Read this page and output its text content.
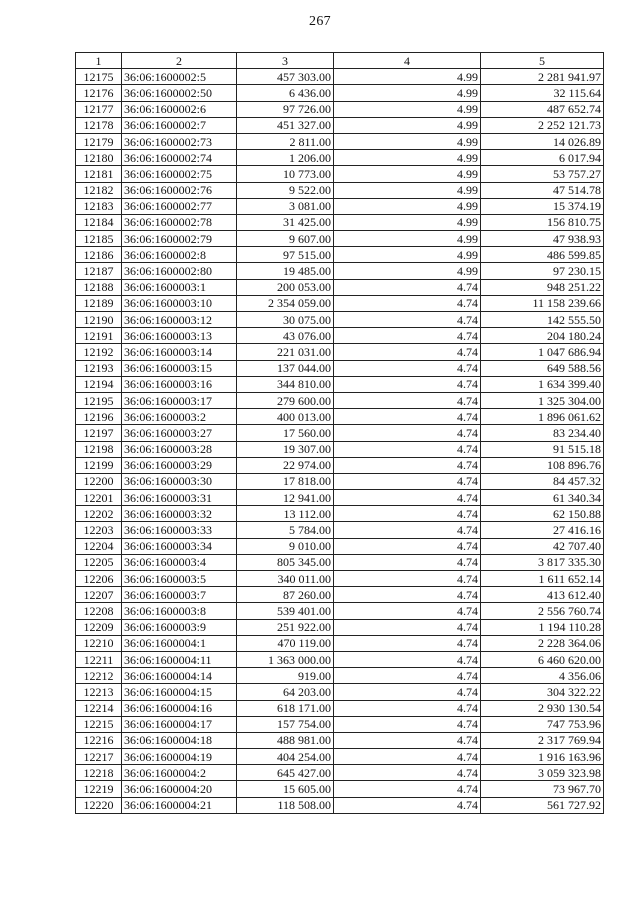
267
1	2	3	4	5
12175	36:06:1600002:5	457 303.00	4.99	2 281 941.97
12176	36:06:1600002:50	6 436.00	4.99	32 115.64
12177	36:06:1600002:6	97 726.00	4.99	487 652.74
12178	36:06:1600002:7	451 327.00	4.99	2 252 121.73
12179	36:06:1600002:73	2 811.00	4.99	14 026.89
12180	36:06:1600002:74	1 206.00	4.99	6 017.94
12181	36:06:1600002:75	10 773.00	4.99	53 757.27
12182	36:06:1600002:76	9 522.00	4.99	47 514.78
12183	36:06:1600002:77	3 081.00	4.99	15 374.19
12184	36:06:1600002:78	31 425.00	4.99	156 810.75
12185	36:06:1600002:79	9 607.00	4.99	47 938.93
12186	36:06:1600002:8	97 515.00	4.99	486 599.85
12187	36:06:1600002:80	19 485.00	4.99	97 230.15
12188	36:06:1600003:1	200 053.00	4.74	948 251.22
12189	36:06:1600003:10	2 354 059.00	4.74	11 158 239.66
12190	36:06:1600003:12	30 075.00	4.74	142 555.50
12191	36:06:1600003:13	43 076.00	4.74	204 180.24
12192	36:06:1600003:14	221 031.00	4.74	1 047 686.94
12193	36:06:1600003:15	137 044.00	4.74	649 588.56
12194	36:06:1600003:16	344 810.00	4.74	1 634 399.40
12195	36:06:1600003:17	279 600.00	4.74	1 325 304.00
12196	36:06:1600003:2	400 013.00	4.74	1 896 061.62
12197	36:06:1600003:27	17 560.00	4.74	83 234.40
12198	36:06:1600003:28	19 307.00	4.74	91 515.18
12199	36:06:1600003:29	22 974.00	4.74	108 896.76
12200	36:06:1600003:30	17 818.00	4.74	84 457.32
12201	36:06:1600003:31	12 941.00	4.74	61 340.34
12202	36:06:1600003:32	13 112.00	4.74	62 150.88
12203	36:06:1600003:33	5 784.00	4.74	27 416.16
12204	36:06:1600003:34	9 010.00	4.74	42 707.40
12205	36:06:1600003:4	805 345.00	4.74	3 817 335.30
12206	36:06:1600003:5	340 011.00	4.74	1 611 652.14
12207	36:06:1600003:7	87 260.00	4.74	413 612.40
12208	36:06:1600003:8	539 401.00	4.74	2 556 760.74
12209	36:06:1600003:9	251 922.00	4.74	1 194 110.28
12210	36:06:1600004:1	470 119.00	4.74	2 228 364.06
12211	36:06:1600004:11	1 363 000.00	4.74	6 460 620.00
12212	36:06:1600004:14	919.00	4.74	4 356.06
12213	36:06:1600004:15	64 203.00	4.74	304 322.22
12214	36:06:1600004:16	618 171.00	4.74	2 930 130.54
12215	36:06:1600004:17	157 754.00	4.74	747 753.96
12216	36:06:1600004:18	488 981.00	4.74	2 317 769.94
12217	36:06:1600004:19	404 254.00	4.74	1 916 163.96
12218	36:06:1600004:2	645 427.00	4.74	3 059 323.98
12219	36:06:1600004:20	15 605.00	4.74	73 967.70
12220	36:06:1600004:21	118 508.00	4.74	561 727.92
